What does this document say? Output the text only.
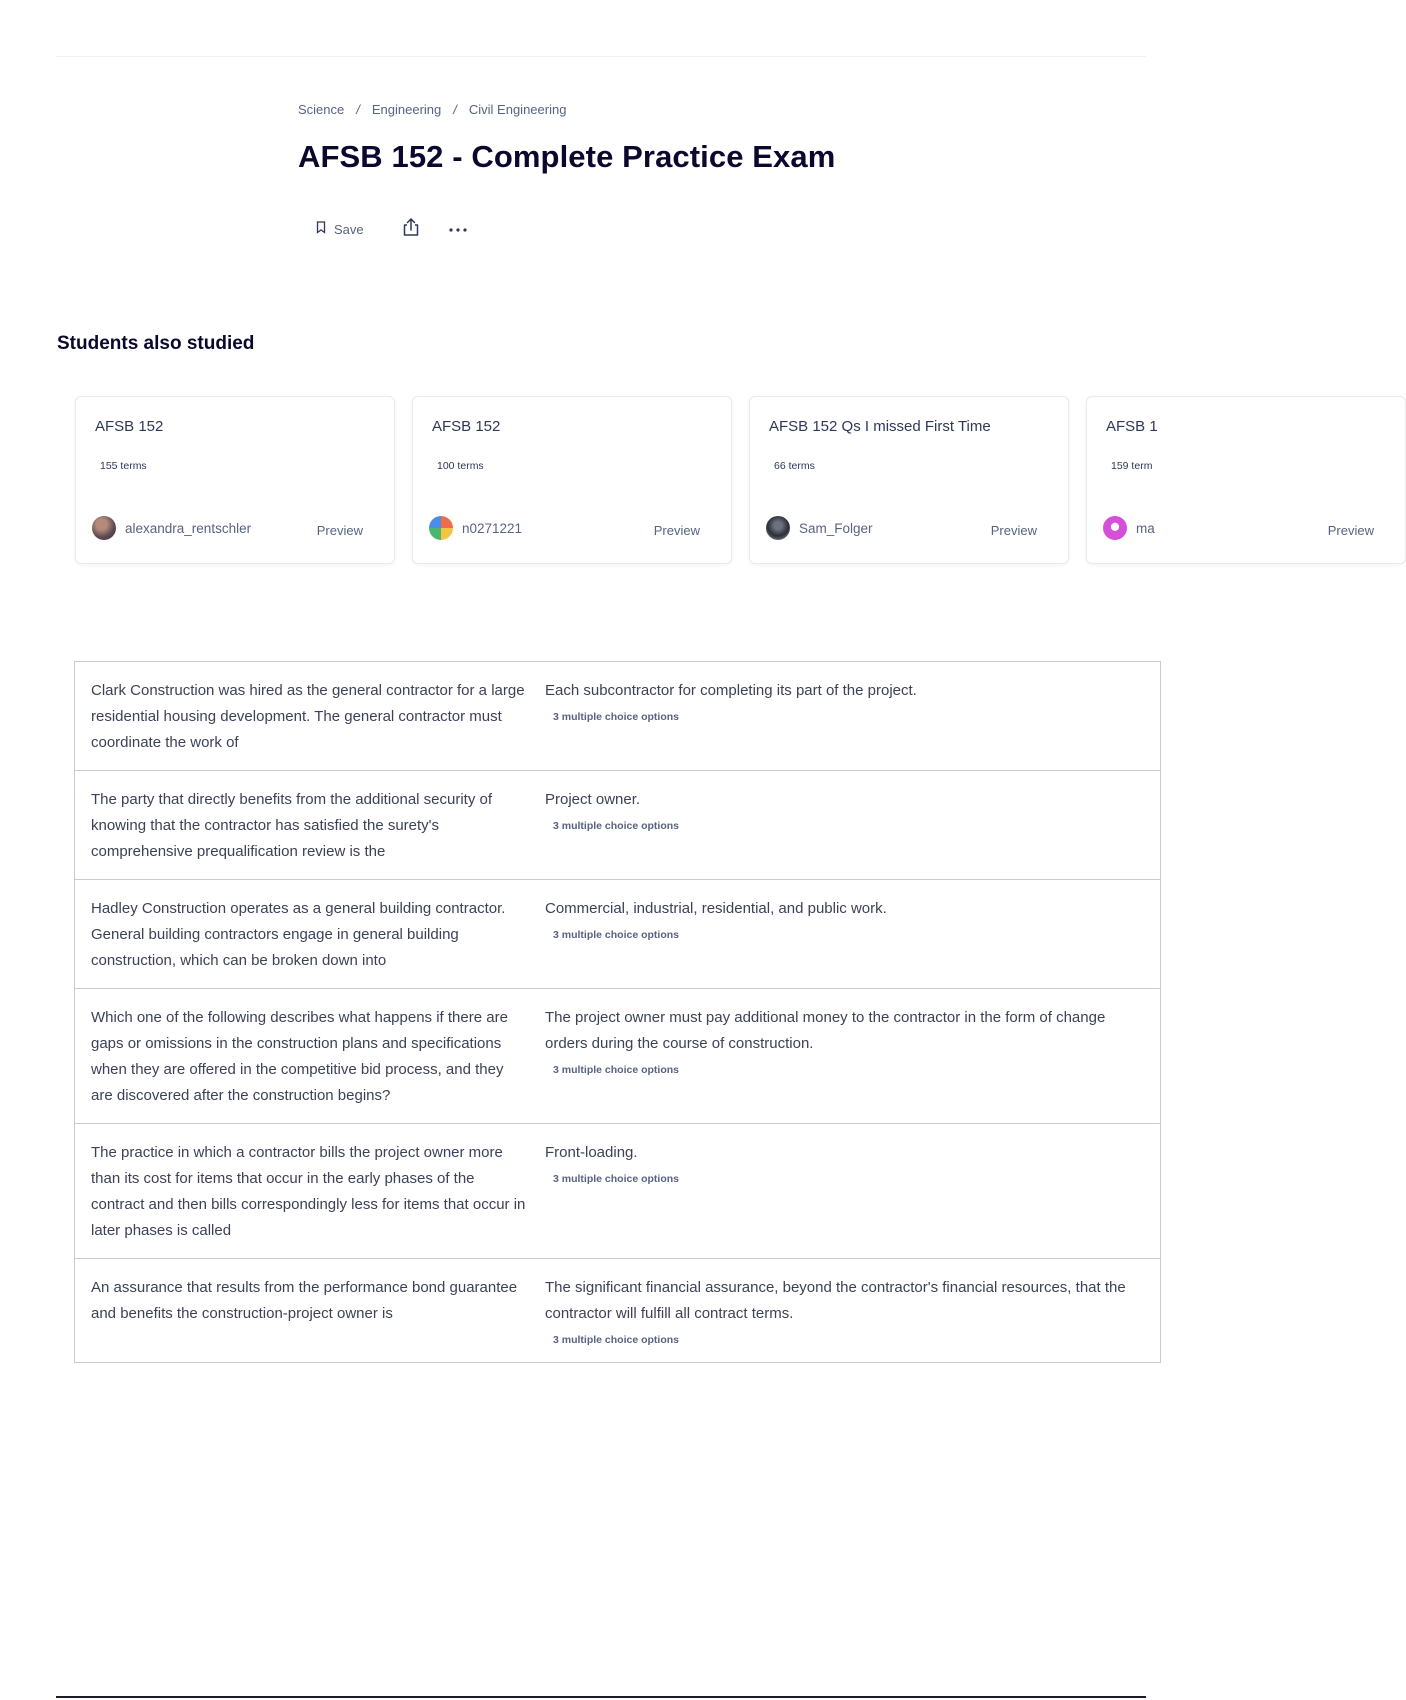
Science / Engineering / Civil Engineering
AFSB 152 - Complete Practice Exam
Save
Students also studied
AFSB 152
155 terms
alexandra_rentschler	Preview
AFSB 152
100 terms
n0271221	Preview
AFSB 152 Qs I missed First Time
66 terms
Sam_Folger	Preview
AFSB 1
159 term
ma	Preview
Clark Construction was hired as the general contractor for a large residential housing development. The general contractor must coordinate the work of
Each subcontractor for completing its part of the project.
3 multiple choice options
The party that directly benefits from the additional security of knowing that the contractor has satisfied the surety's comprehensive prequalification review is the
Project owner.
3 multiple choice options
Hadley Construction operates as a general building contractor. General building contractors engage in general building construction, which can be broken down into
Commercial, industrial, residential, and public work.
3 multiple choice options
Which one of the following describes what happens if there are gaps or omissions in the construction plans and specifications when they are offered in the competitive bid process, and they are discovered after the construction begins?
The project owner must pay additional money to the contractor in the form of change orders during the course of construction.
3 multiple choice options
The practice in which a contractor bills the project owner more than its cost for items that occur in the early phases of the contract and then bills correspondingly less for items that occur in later phases is called
Front-loading.
3 multiple choice options
An assurance that results from the performance bond guarantee and benefits the construction-project owner is
The significant financial assurance, beyond the contractor's financial resources, that the contractor will fulfill all contract terms.
3 multiple choice options
